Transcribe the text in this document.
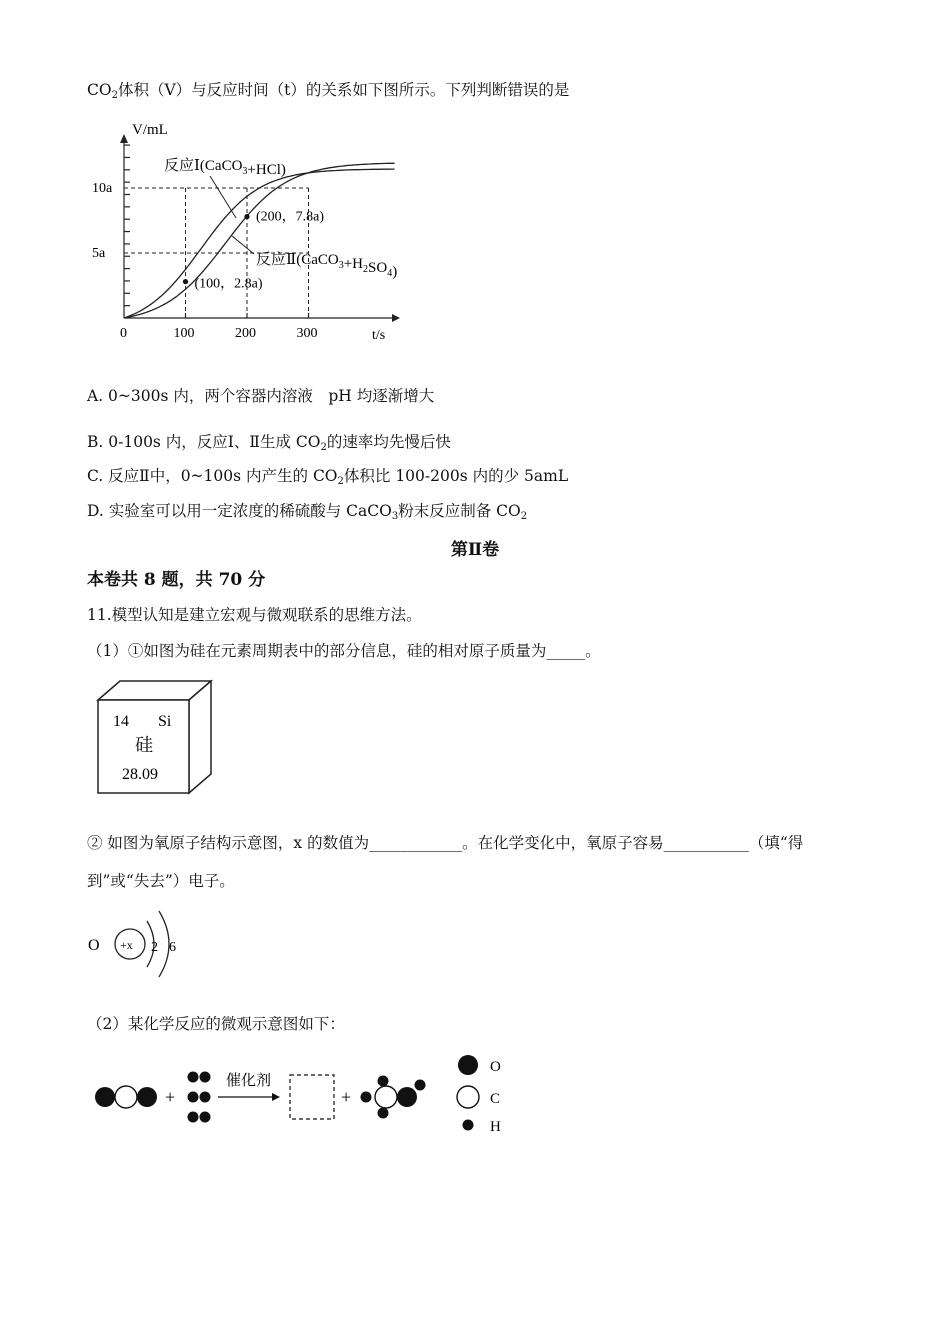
$CO_2$体积（V）与反应时间（t）的关系如下图所示。下列判断错误的是
(100，2.8a)
(200，7.8a)
V/mL
t/s
0	100	200	300
5a
10a
反应Ⅰ(CaCO$_3$+HCl)
反应$Ⅱ(CaCO_3+H_2SO_4)$
A. 0~300s 内，两个容器内溶液　pH 均逐渐增大
B. 0-100s 内，反应Ⅰ、Ⅱ生成 $CO_2$的速率均先慢后快
C. 反应Ⅱ中，0~100s 内产生的 $CO_2$体积比 100-200s 内的少 5amL
D. 实验室可以用一定浓度的稀硫酸与 CaCO$_3$粉末反应制备 $CO_2$
第Ⅱ卷
本卷共 8 题，共 70 分
11.模型认知是建立宏观与微观联系的思维方法。
（1）①如图为硅在元素周期表中的部分信息，硅的相对原子质量为_____。
14 Si
硅
28.09
② 如图为氧原子结构示意图，x 的数值为____________。在化学变化中，氧原子容易___________（填“得
到”或“失去”）电子。
O +x 2 6
（2）某化学反应的微观示意图如下：
+
催化剂
+
O
C
H
